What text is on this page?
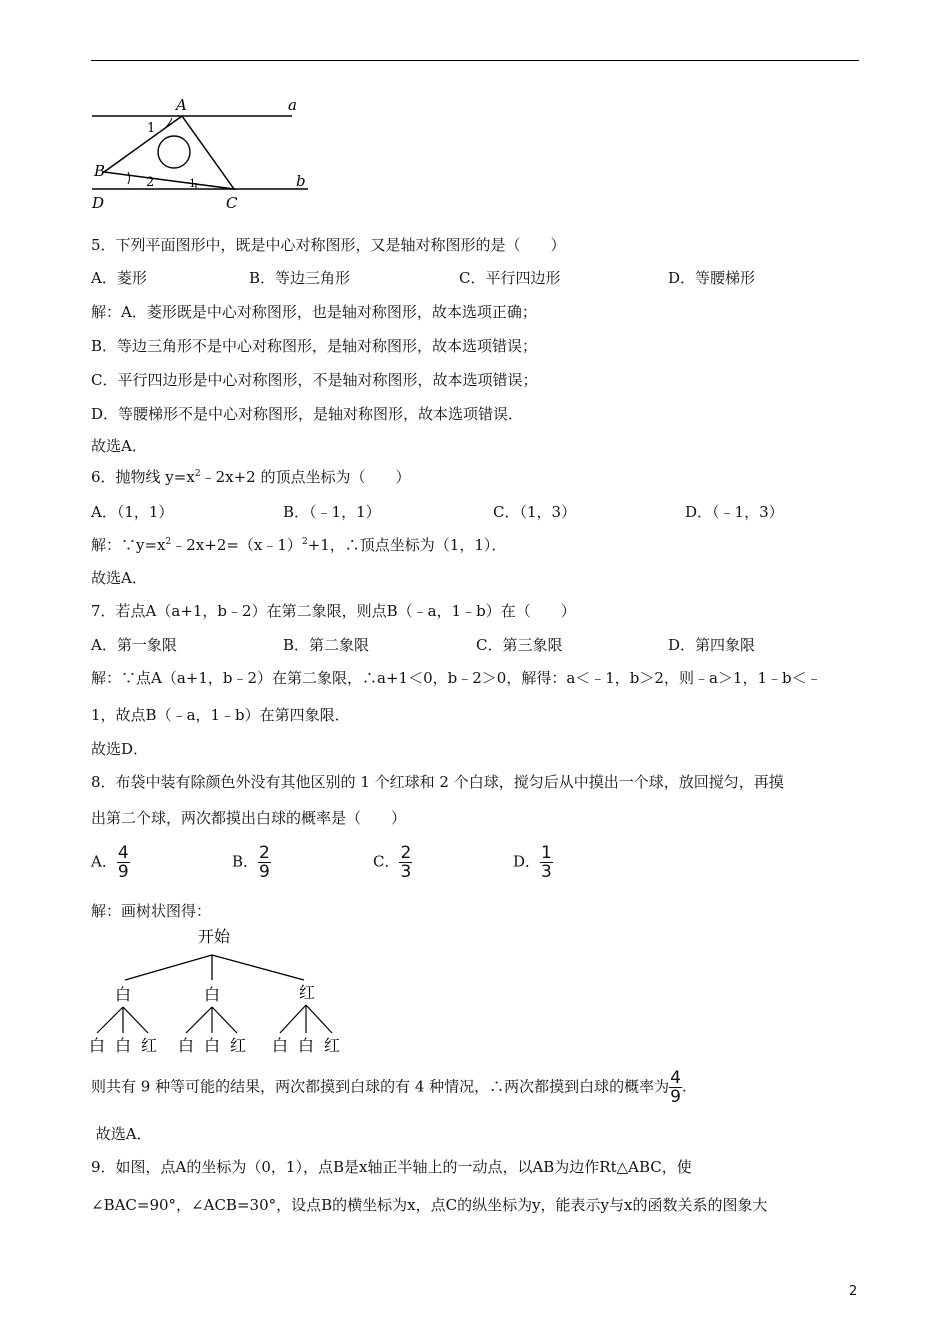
A	a
1
B
2	1	b
D	C
5．下列平面图形中，既是中心对称图形，又是轴对称图形的是（　　）
A．菱形	B．等边三角形	C．平行四边形	D．等腰梯形
解：A．菱形既是中心对称图形，也是轴对称图形，故本选项正确；
B．等边三角形不是中心对称图形，是轴对称图形，故本选项错误；
C．平行四边形是中心对称图形，不是轴对称图形，故本选项错误；
D．等腰梯形不是中心对称图形，是轴对称图形，故本选项错误．
故选A．
6．抛物线 $y=x^2﹣2x+2$ 的顶点坐标为（　　）
A．（1，1）	B．（﹣1，1）	C．（1，3）	D．（﹣1，3）
解：$\because y=x^2﹣2x+2=(x﹣1)^2+1$，∴顶点坐标为（1，1）．
故选A．
7．若点A（a+1，b﹣2）在第二象限，则点B（﹣a，1﹣b）在（　　）
A．第一象限	B．第二象限	C．第三象限	D．第四象限
解：∵点A（a+1，b﹣2）在第二象限，∴a+1＜0，b﹣2＞0，解得：a＜﹣1，b＞2，则﹣a＞1，1﹣b＜﹣
1，故点B（﹣a，1﹣b）在第四象限．
故选D．
8．布袋中装有除颜色外没有其他区别的 1 个红球和 2 个白球，搅匀后从中摸出一个球，放回搅匀，再摸
出第二个球，两次都摸出白球的概率是（　　）
A． $\frac{4}{9}$	B． $\frac{2}{9}$	C． $\frac{2}{3}$	D． $\frac{1}{3}$
解：画树状图得：
开始
白	白	红
白 白 红 白 白 红 白 白 红
则共有 9 种等可能的结果，两次都摸到白球的有 4 种情况，∴两次都摸到白球的概率为 $\frac{4}{9}$ .
故选A．
9．如图，点A的坐标为（0，1），点B是x轴正半轴上的一动点，以AB为边作Rt△ABC，使
∠BAC=90°，∠ACB=30°，设点B的横坐标为x，点C的纵坐标为y，能表示y与x的函数关系的图象大
2
